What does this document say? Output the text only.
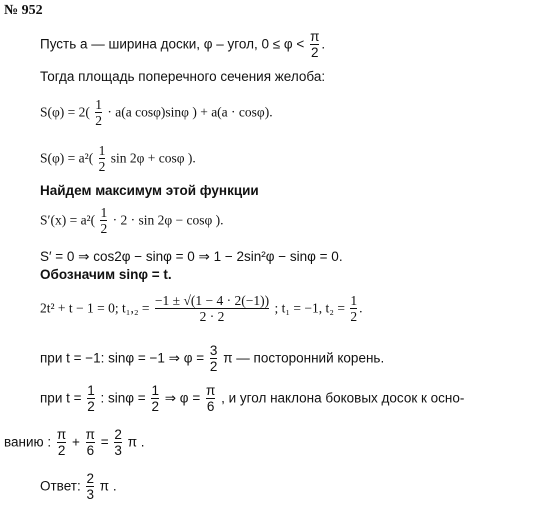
№ 952
Пусть a — ширина доски, φ – угол, $0 \le \varphi < \frac{\pi}{2}$ .
Тогда площадь поперечного сечения желоба:
$S(\varphi) = 2( \frac{1}{2} \cdot a(a$ cosφ)sinφ ) + a(a · cosφ).
$S(\varphi) = a^2( \frac{1}{2}$ sin 2φ + cosφ ).
Найдем максимум этой функции
$S'(x) = a^2( \frac{1}{2} \cdot 2 \cdot \sin 2\varphi - \cos\varphi$ ).
S′ = 0 ⇒ cos2φ − sinφ = 0 ⇒ 1 − 2sin²φ − sinφ = 0.
Обозначим sinφ = t.
2t² + t − 1 = 0; $t_1,_2 = \frac{-1 \pm √(1 - 4 \cdot 2(-1))}{2 \cdot 2}$ ; t₁ = −1, $t_2 = \frac{1}{2}$ .
при t = −1: sinφ = −1 ⇒ $\varphi = \frac{3}{2}$ π — посторонний корень.
при $t = \frac{1}{2}$ : $\sin\varphi = \frac{1}{2}$ ⇒ $\varphi = \frac{\pi}{6}$ , и угол наклона боковых досок к осно-
ванию : $\frac{\pi}{2} + \frac{\pi}{6} = \frac{2}{3}$ π .
Ответ: $\frac{2}{3}$ π .
